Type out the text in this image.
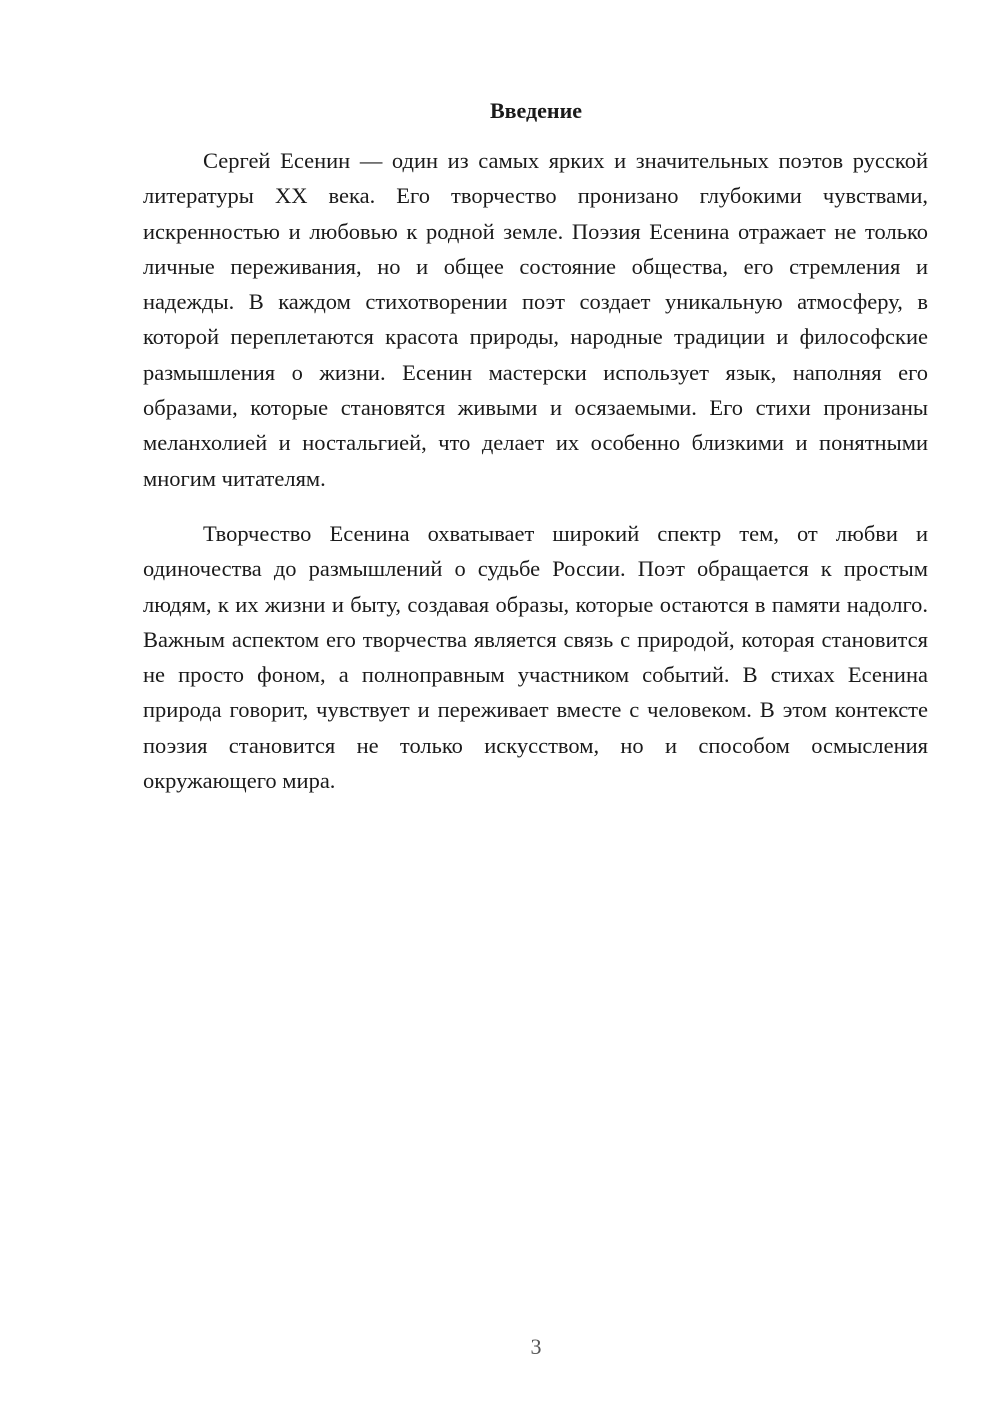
Введение

Сергей Есенин — один из самых ярких и значительных поэтов русской литературы XX века. Его творчество пронизано глубокими чувствами, искренностью и любовью к родной земле. Поэзия Есенина отражает не только личные переживания, но и общее состояние общества, его стремления и надежды. В каждом стихотворении поэт создает уникальную атмосферу, в которой переплетаются красота природы, народные традиции и философские размышления о жизни. Есенин мастерски использует язык, наполняя его образами, которые становятся живыми и осязаемыми. Его стихи пронизаны меланхолией и ностальгией, что делает их особенно близкими и понятными многим читателям.

Творчество Есенина охватывает широкий спектр тем, от любви и одиночества до размышлений о судьбе России. Поэт обращается к простым людям, к их жизни и быту, создавая образы, которые остаются в памяти надолго. Важным аспектом его творчества является связь с природой, которая становится не просто фоном, а полноправным участником событий. В стихах Есенина природа говорит, чувствует и переживает вместе с человеком. В этом контексте поэзия становится не только искусством, но и способом осмысления окружающего мира.

3
